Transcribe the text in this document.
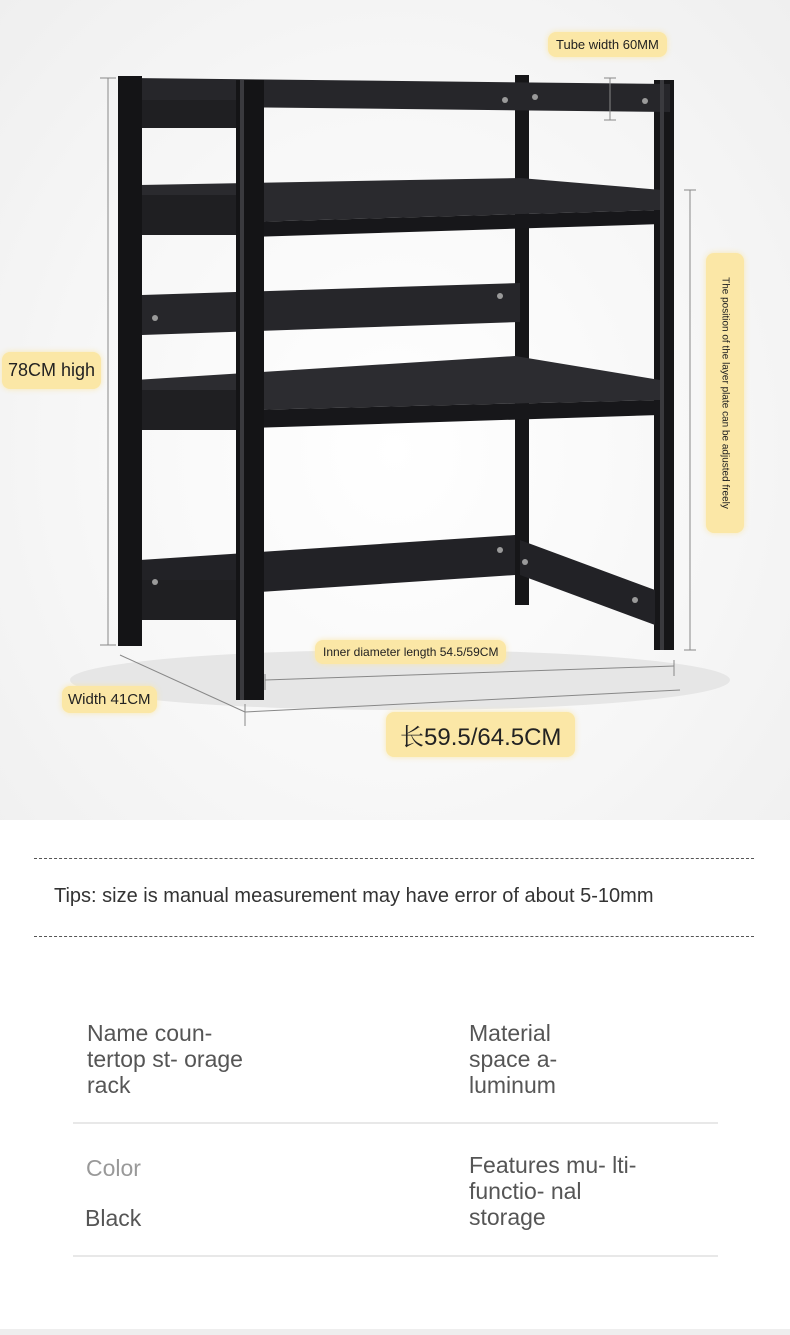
Tube width 60MM
78CM high	The position of the layer plate can be adjusted freely
Inner diameter length 54.5/59CM
Width 41CM
长59.5/64.5CM
Tips: size is manual measurement may have error of about 5-10mm
Name coun- tertop st- orage rack
Material space a- luminum
Color
Black
Features mu- lti-functio- nal storage
